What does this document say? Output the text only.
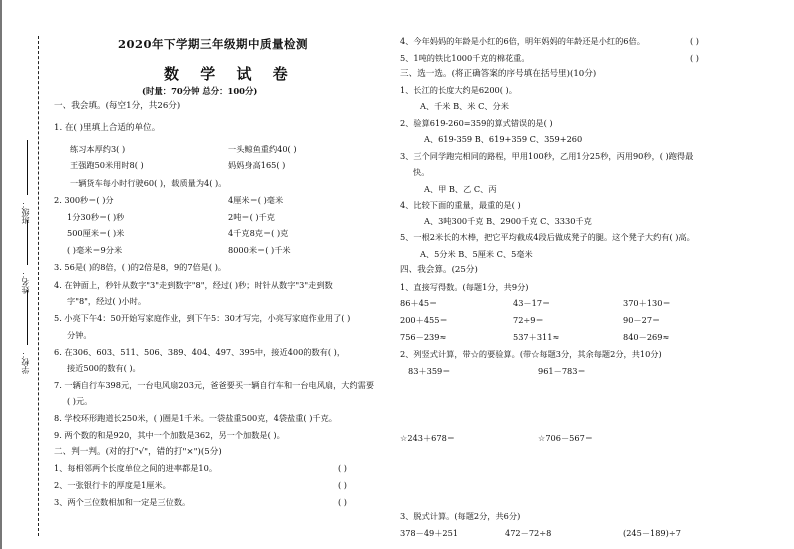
班级：
姓名：
学校：
2020年下学期三年级期中质量检测
数 学 试 卷
(时量：70分钟 总分：100分)
一、我会填。(每空1分，共26分)
1. 在( )里填上合适的单位。
练习本厚约3( )	一头鲸鱼重约40( )
王强跑50米用时8( )	妈妈身高165( )
一辆货车每小时行驶60( )，载质量为4( )。
2. 300秒＝( )分	4厘米＝( )毫米
1分30秒＝( )秒	2吨＝( )千克
500厘米＝( )米	4千克8克＝( )克
( )毫米＝9分米	8000米＝( )千米
3. 56是( )的8倍，( )的2倍是8，9的7倍是( )。
4. 在钟面上，秒针从数字"3"走到数字"8"，经过( )秒；时针从数字"3"走到数
字"8"，经过( )小时。
5. 小亮下午4：50开始写家庭作业，到下午5：30才写完，小亮写家庭作业用了( )
分钟。
6. 在306、603、511、506、389、404、497、395中，接近400的数有( )，
接近500的数有( )。
7. 一辆自行车398元，一台电风扇203元，爸爸要买一辆自行车和一台电风扇，大约需要
( )元。
8. 学校环形跑道长250米，( )圈是1千米。一袋盐重500克，4袋盐重( )千克。
9. 两个数的和是920，其中一个加数是362，另一个加数是( )。
二、判一判。(对的打"√"，错的打"×")(5分)
1、每相邻两个长度单位之间的进率都是10。	( )
2、一张银行卡的厚度是1厘米。	( )
3、两个三位数相加和一定是三位数。	( )
4、今年妈妈的年龄是小红的6倍，明年妈妈的年龄还是小红的6倍。	( )
5、1吨的铁比1000千克的棉花重。	( )
三、选一选。(将正确答案的序号填在括号里)(10分)
1、长江的长度大约是6200( )。
A、千米 B、米 C、分米
2、验算619-260=359的算式错误的是( )
A、619-359 B、619+359 C、359+260
3、三个同学跑完相同的路程，甲用100秒，乙用1分25秒，丙用90秒，( )跑得最
快。
A、甲 B、乙 C、丙
4、比较下面的重量，最重的是( )
A、3吨300千克 B、2900千克 C、3330千克
5、一根2米长的木棒，把它平均截成4段后做成凳子的腿。这个凳子大约有( )高。
A、5分米 B、5厘米 C、5毫米
四、我会算。(25分)
1、直接写得数。(每题1分，共9分)
86＋45＝	43－17＝	370＋130＝
200＋455＝	72÷9＝	90－27＝
756－239≈	537＋311≈	840－269≈
2、列竖式计算，带☆的要验算。(带☆每题3分，其余每题2分，共10分)
83＋359＝	961－783＝
☆243＋678＝	☆706－567＝
3、脱式计算。(每题2分，共6分)
378－49＋251	472－72÷8	(245－189)÷7
